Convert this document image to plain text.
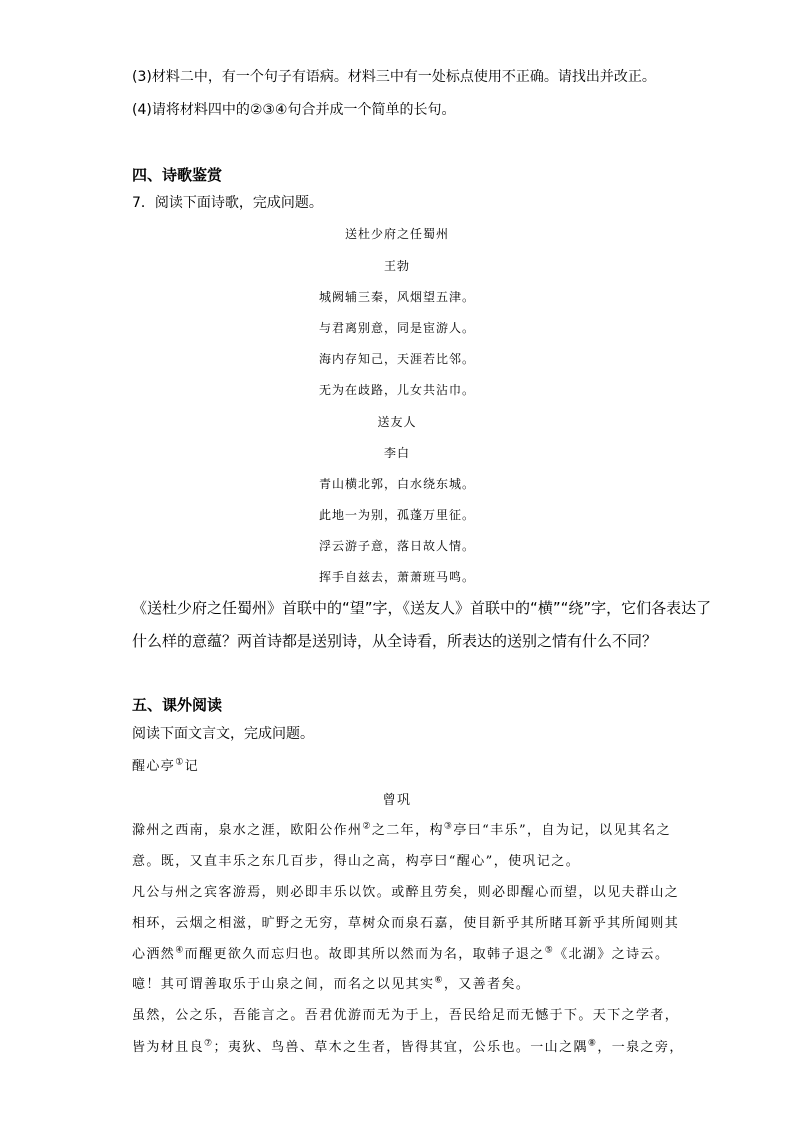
(3)材料二中，有一个句子有语病。材料三中有一处标点使用不正确。请找出并改正。
(4)请将材料四中的②③④句合并成一个简单的长句。
四、诗歌鉴赏
7．阅读下面诗歌，完成问题。
送杜少府之任蜀州
王勃
城阙辅三秦，风烟望五津。
与君离别意，同是宦游人。
海内存知己，天涯若比邻。
无为在歧路，儿女共沾巾。
送友人
李白
青山横北郭，白水绕东城。
此地一为别，孤蓬万里征。
浮云游子意，落日故人情。
挥手自兹去，萧萧班马鸣。
《送杜少府之任蜀州》首联中的“望”字，《送友人》首联中的“横”“绕”字，它们各表达了
什么样的意蕴？两首诗都是送别诗，从全诗看，所表达的送别之情有什么不同？
五、课外阅读
阅读下面文言文，完成问题。
醒心亭①记
曾巩
滁州之西南，泉水之涯，欧阳公作州②之二年，构③亭曰“丰乐”，自为记，以见其名之
意。既，又直丰乐之东几百步，得山之高，构亭曰“醒心”，使巩记之。
凡公与州之宾客游焉，则必即丰乐以饮。或醉且劳矣，则必即醒心而望，以见夫群山之
相环，云烟之相滋，旷野之无穷，草树众而泉石嘉，使目新乎其所睹耳新乎其所闻则其
心洒然④而醒更欲久而忘归也。故即其所以然而为名，取韩子退之⑤《北湖》之诗云。
噫！其可谓善取乐于山泉之间，而名之以见其实⑥，又善者矣。
虽然，公之乐，吾能言之。吾君优游而无为于上，吾民给足而无憾于下。天下之学者，
皆为材且良⑦；夷狄、鸟兽、草木之生者，皆得其宜，公乐也。一山之隅⑧，一泉之旁，
